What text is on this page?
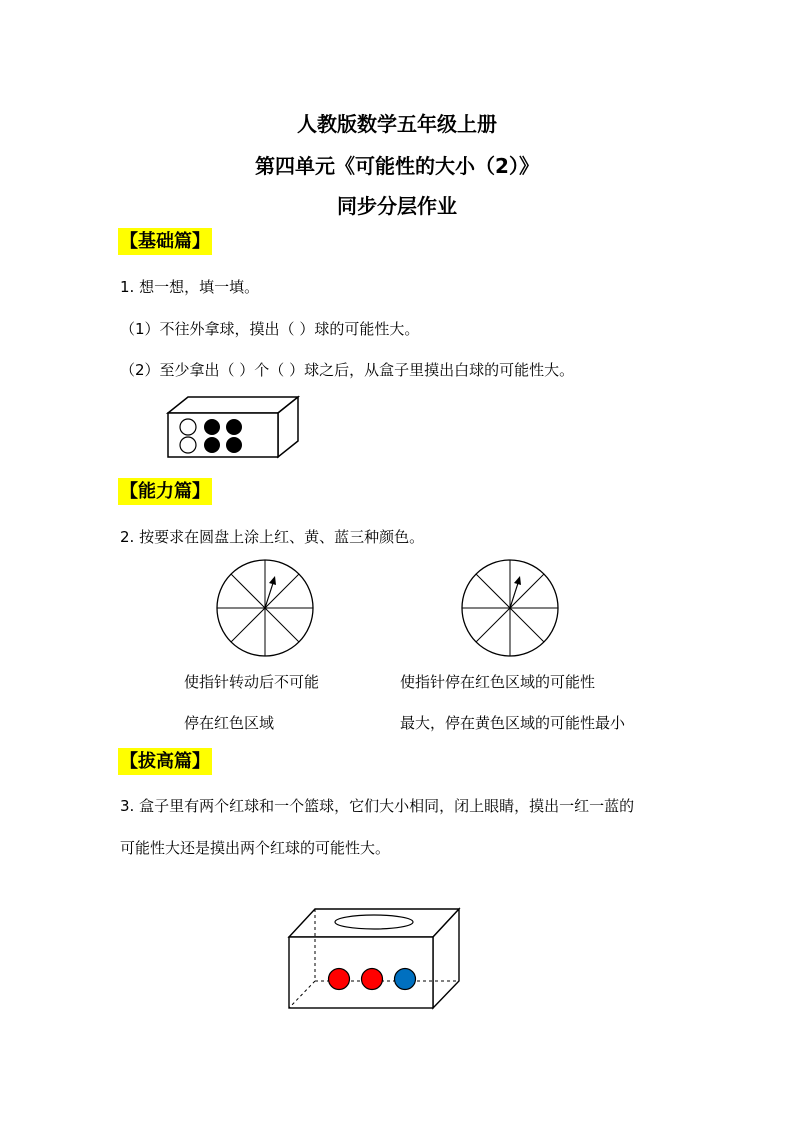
人教版数学五年级上册
第四单元《可能性的大小（2）》
同步分层作业
【基础篇】
1. 想一想，填一填。
（1）不往外拿球，摸出（ ）球的可能性大。
（2）至少拿出（ ）个（ ）球之后，从盒子里摸出白球的可能性大。
【能力篇】
2. 按要求在圆盘上涂上红、黄、蓝三种颜色。
使指针转动后不可能
停在红色区域
使指针停在红色区域的可能性
最大，停在黄色区域的可能性最小
【拔高篇】
3. 盒子里有两个红球和一个篮球，它们大小相同，闭上眼睛，摸出一红一蓝的
可能性大还是摸出两个红球的可能性大。
